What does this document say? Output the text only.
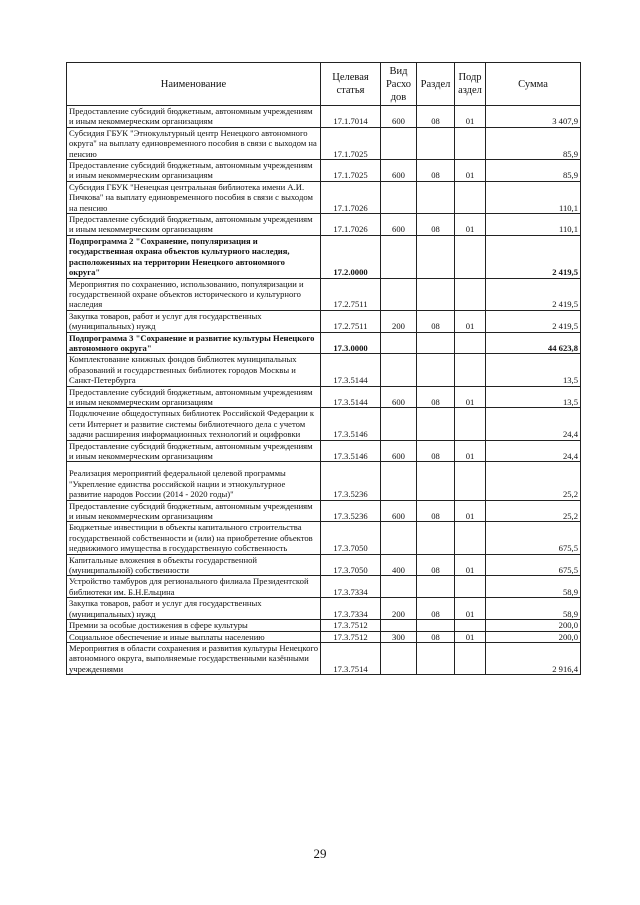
Наименование	Целевая статья	Вид Расхо дов	Раздел	Подр аздел	Сумма
Предоставление субсидий бюджетным, автономным учреждениям и иным некоммерческим организациям	17.1.7014	600	08	01	3 407,9
Субсидия ГБУК "Этнокультурный центр Ненецкого автономного округа" на выплату единовременного пособия в связи с выходом на пенсию	17.1.7025				85,9
Предоставление субсидий бюджетным, автономным учреждениям и иным некоммерческим организациям	17.1.7025	600	08	01	85,9
Субсидия ГБУК "Ненецкая центральная библиотека имени А.И. Пичкова" на выплату единовременного пособия в связи с выходом на пенсию	17.1.7026				110,1
Предоставление субсидий бюджетным, автономным учреждениям и иным некоммерческим организациям	17.1.7026	600	08	01	110,1
Подпрограмма 2 "Сохранение, популяризация и государственная охрана объектов культурного наследия, расположенных на территории Ненецкого автономного округа"	17.2.0000				2 419,5
Мероприятия по сохранению, использованию, популяризации и государственной охране объектов исторического и культурного наследия	17.2.7511				2 419,5
Закупка товаров, работ и услуг для государственных (муниципальных) нужд	17.2.7511	200	08	01	2 419,5
Подпрограмма 3 "Сохранение и развитие культуры Ненецкого автономного округа"	17.3.0000				44 623,8
Комплектование книжных фондов библиотек муниципальных образований и государственных библиотек городов Москвы и Санкт-Петербурга	17.3.5144				13,5
Предоставление субсидий бюджетным, автономным учреждениям и иным некоммерческим организациям	17.3.5144	600	08	01	13,5
Подключение общедоступных библиотек Российской Федерации к сети Интернет и развитие системы библиотечного дела с учетом задачи расширения информационных технологий и оцифровки	17.3.5146				24,4
Предоставление субсидий бюджетным, автономным учреждениям и иным некоммерческим организациям	17.3.5146	600	08	01	24,4
Реализация мероприятий федеральной целевой программы "Укрепление единства российской нации и этнокультурное развитие народов России (2014 - 2020 годы)"	17.3.5236				25,2
Предоставление субсидий бюджетным, автономным учреждениям и иным некоммерческим организациям	17.3.5236	600	08	01	25,2
Бюджетные инвестиции в объекты капитального строительства государственной собственности и (или) на приобретение объектов недвижимого имущества в государственную собственность	17.3.7050				675,5
Капитальные вложения в объекты государственной (муниципальной) собственности	17.3.7050	400	08	01	675,5
Устройство тамбуров для регионального филиала Президентской библиотеки им. Б.Н.Ельцина	17.3.7334				58,9
Закупка товаров, работ и услуг для государственных (муниципальных) нужд	17.3.7334	200	08	01	58,9
Премии за особые достижения в сфере культуры	17.3.7512				200,0
Социальное обеспечение и иные выплаты населению	17.3.7512	300	08	01	200,0
Мероприятия в области сохранения и развития культуры Ненецкого автономного округа, выполняемые государственными казёнными учреждениями	17.3.7514				2 916,4
29
